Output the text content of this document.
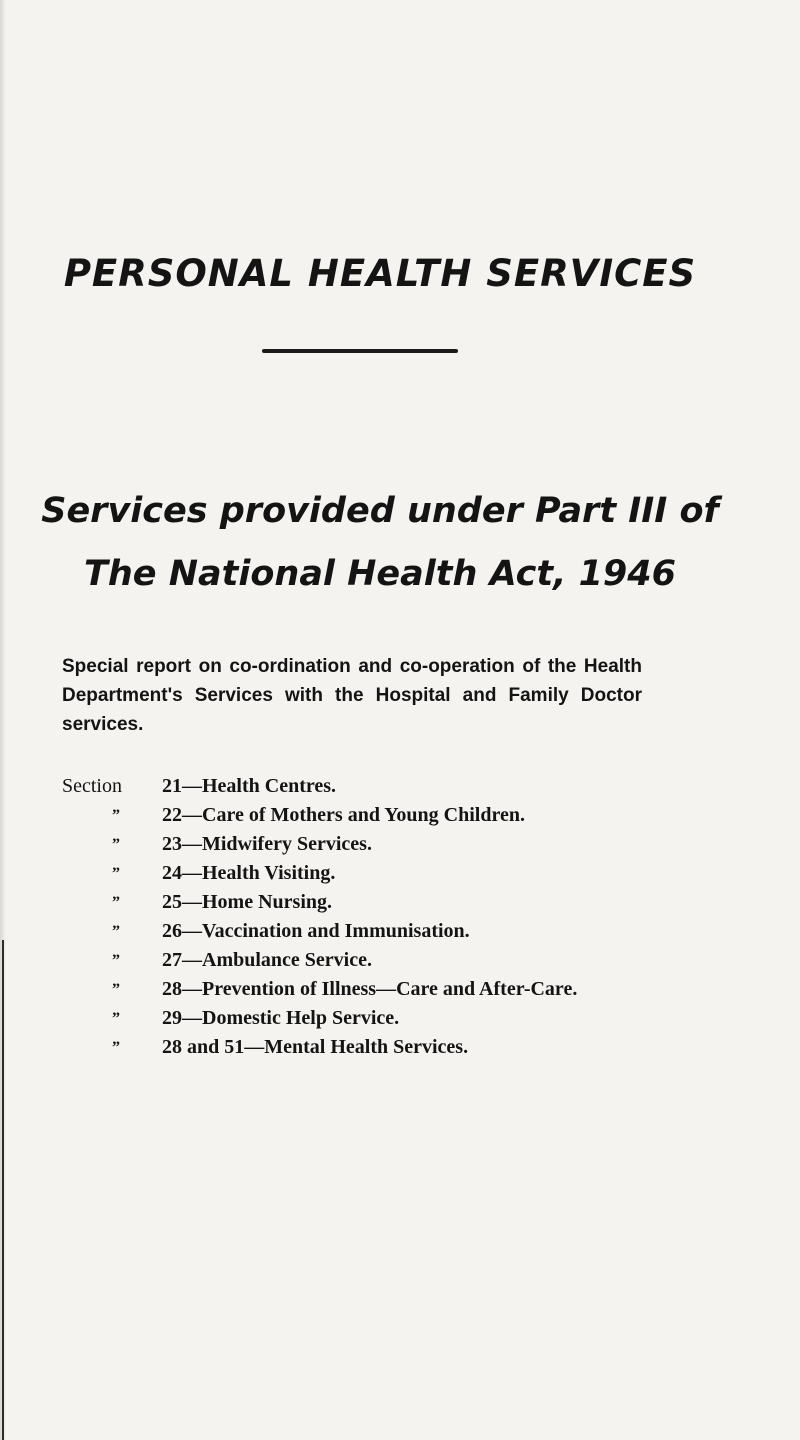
PERSONAL HEALTH SERVICES
Services provided under Part III of
The National Health Act, 1946

Special report on co-ordination and co-operation of the Health Department's Services with the Hospital and Family Doctor services.

Section 21—Health Centres.
” 22—Care of Mothers and Young Children.
” 23—Midwifery Services.
” 24—Health Visiting.
” 25—Home Nursing.
” 26—Vaccination and Immunisation.
” 27—Ambulance Service.
” 28—Prevention of Illness—Care and After-Care.
” 29—Domestic Help Service.
” 28 and 51—Mental Health Services.
